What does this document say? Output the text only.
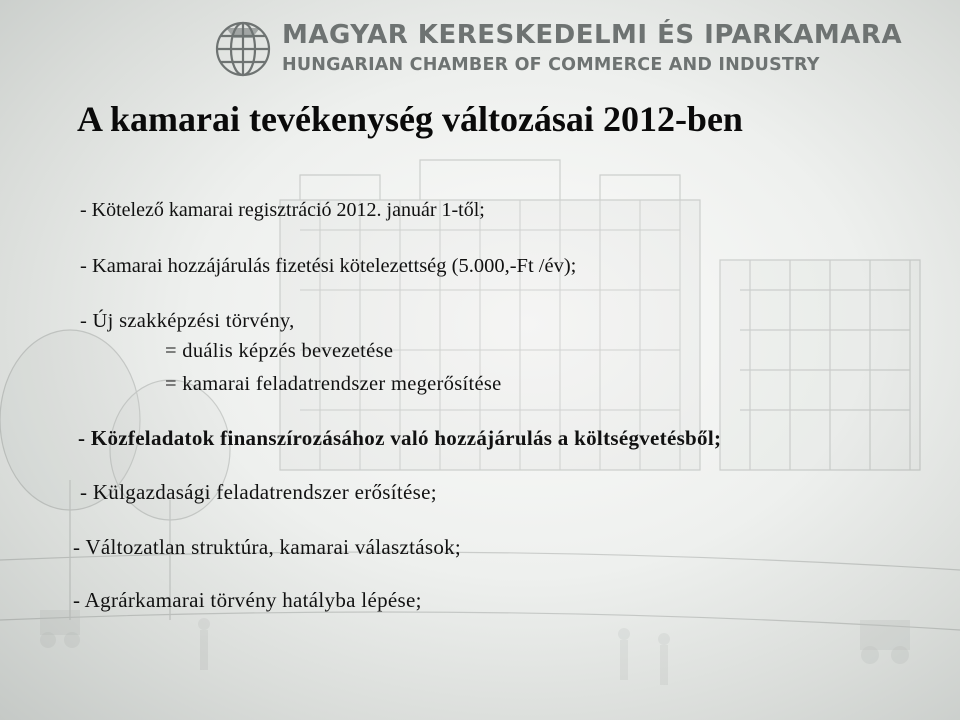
MAGYAR KERESKEDELMI ÉS IPARKAMARA
HUNGARIAN CHAMBER OF COMMERCE AND INDUSTRY
A kamarai tevékenység változásai 2012-ben
- Kötelező kamarai regisztráció 2012. január 1-től;
- Kamarai hozzájárulás fizetési kötelezettség (5.000,-Ft /év);
- Új szakképzési törvény,
= duális képzés bevezetése
= kamarai feladatrendszer megerősítése
- Közfeladatok finanszírozásához való hozzájárulás a költségvetésből;
- Külgazdasági feladatrendszer erősítése;
- Változatlan struktúra, kamarai választások;
- Agrárkamarai törvény hatályba lépése;
